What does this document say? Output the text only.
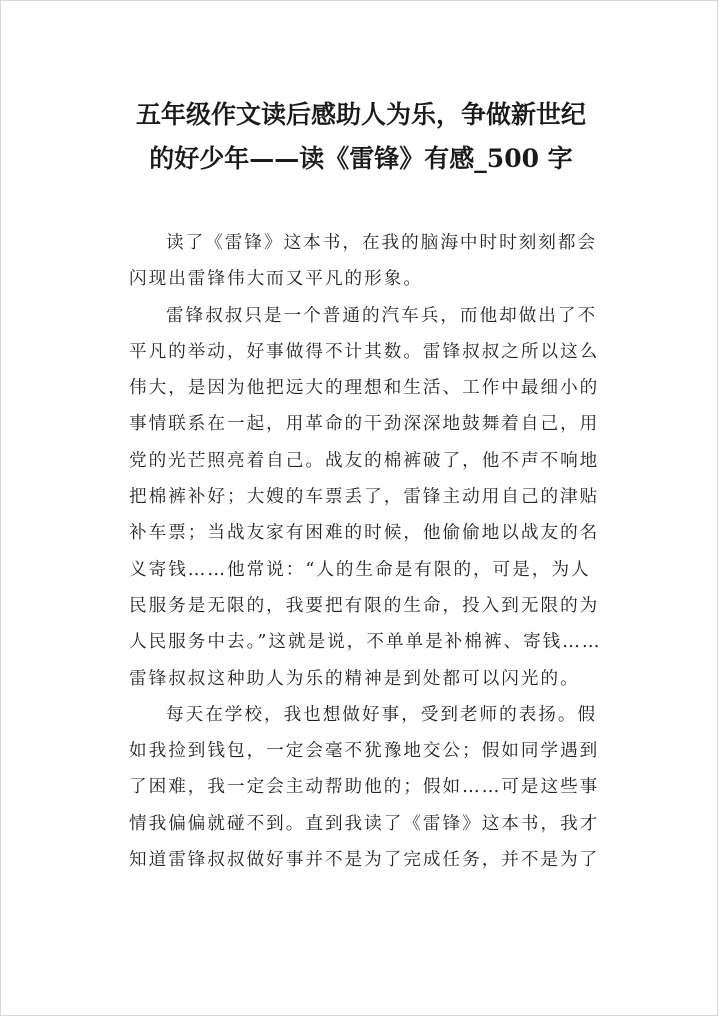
五年级作文读后感助人为乐，争做新世纪
的好少年——读《雷锋》有感_500 字
读了《雷锋》这本书，在我的脑海中时时刻刻都会
闪现出雷锋伟大而又平凡的形象。
雷锋叔叔只是一个普通的汽车兵，而他却做出了不
平凡的举动，好事做得不计其数。雷锋叔叔之所以这么
伟大，是因为他把远大的理想和生活、工作中最细小的
事情联系在一起，用革命的干劲深深地鼓舞着自己，用
党的光芒照亮着自己。战友的棉裤破了，他不声不响地
把棉裤补好；大嫂的车票丢了，雷锋主动用自己的津贴
补车票；当战友家有困难的时候，他偷偷地以战友的名
义寄钱……他常说：“人的生命是有限的，可是，为人
民服务是无限的，我要把有限的生命，投入到无限的为
人民服务中去。”这就是说，不单单是补棉裤、寄钱……
雷锋叔叔这种助人为乐的精神是到处都可以闪光的。
每天在学校，我也想做好事，受到老师的表扬。假
如我捡到钱包，一定会毫不犹豫地交公；假如同学遇到
了困难，我一定会主动帮助他的；假如……可是这些事
情我偏偏就碰不到。直到我读了《雷锋》这本书，我才
知道雷锋叔叔做好事并不是为了完成任务，并不是为了
